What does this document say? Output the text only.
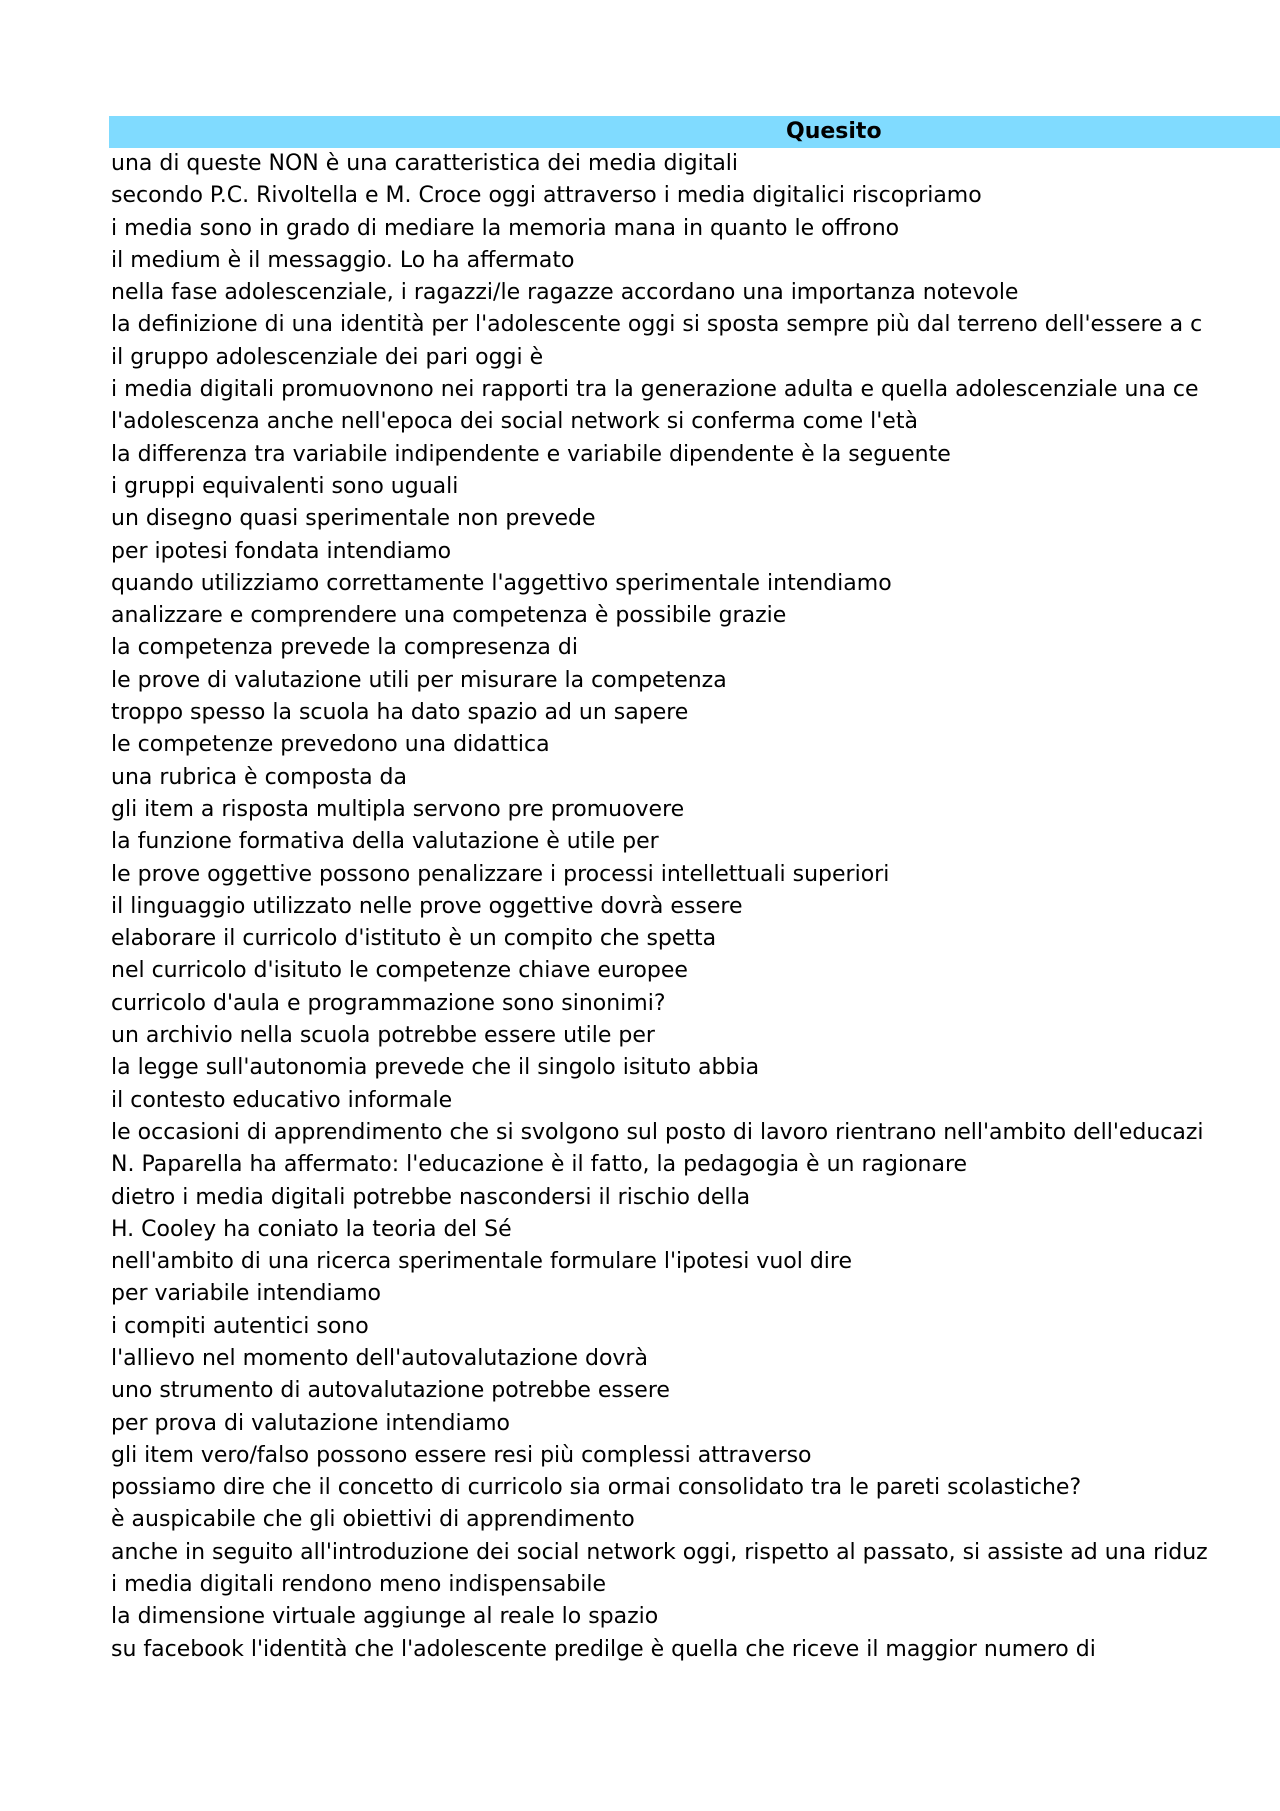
Quesito
una di queste NON è una caratteristica dei media digitali
secondo P.C. Rivoltella e M. Croce oggi attraverso i media digitalici riscopriamo
i media sono in grado di mediare la memoria mana in quanto le offrono
il medium è il messaggio. Lo ha affermato
nella fase adolescenziale, i ragazzi/le ragazze accordano una importanza notevole
la definizione di una identità per l'adolescente oggi si sposta sempre più dal terreno dell'essere a c
il gruppo adolescenziale dei pari oggi è
i media digitali promuovnono nei rapporti tra la generazione adulta e quella adolescenziale una ce
l'adolescenza anche nell'epoca dei social network si conferma come l'età
la differenza tra variabile indipendente e variabile dipendente è la seguente
i gruppi equivalenti sono uguali
un disegno quasi sperimentale non prevede
per ipotesi fondata intendiamo
quando utilizziamo correttamente l'aggettivo sperimentale intendiamo
analizzare e comprendere una competenza è possibile grazie
la competenza prevede la compresenza di
le prove di valutazione utili per misurare la competenza
troppo spesso la scuola ha dato spazio ad un sapere
le competenze prevedono una didattica
una rubrica è composta da
gli item a risposta multipla servono pre promuovere
la funzione formativa della valutazione è utile per
le prove oggettive possono penalizzare i processi intellettuali superiori
il linguaggio utilizzato nelle prove oggettive dovrà essere
elaborare il curricolo d'istituto è un compito che spetta
nel curricolo d'isituto le competenze chiave europee
curricolo d'aula e programmazione sono sinonimi?
un archivio nella scuola potrebbe essere utile per
la legge sull'autonomia prevede che il singolo isituto abbia
il contesto educativo informale
le occasioni di apprendimento che si svolgono sul posto di lavoro rientrano nell'ambito dell'educazi
N. Paparella ha affermato: l'educazione è il fatto, la pedagogia è un ragionare
dietro i media digitali potrebbe nascondersi il rischio della
H. Cooley ha coniato la teoria del Sé
nell'ambito di una ricerca sperimentale formulare l'ipotesi vuol dire
per variabile intendiamo
i compiti autentici sono
l'allievo nel momento dell'autovalutazione dovrà
uno strumento di autovalutazione potrebbe essere
per prova di valutazione intendiamo
gli item vero/falso possono essere resi più complessi attraverso
possiamo dire che il concetto di curricolo sia ormai consolidato tra le pareti scolastiche?
è auspicabile che gli obiettivi di apprendimento
anche in seguito all'introduzione dei social network oggi, rispetto al passato, si assiste ad una riduz
i media digitali rendono meno indispensabile
la dimensione virtuale aggiunge al reale lo spazio
su facebook l'identità che l'adolescente predilge è quella che riceve il maggior numero di
